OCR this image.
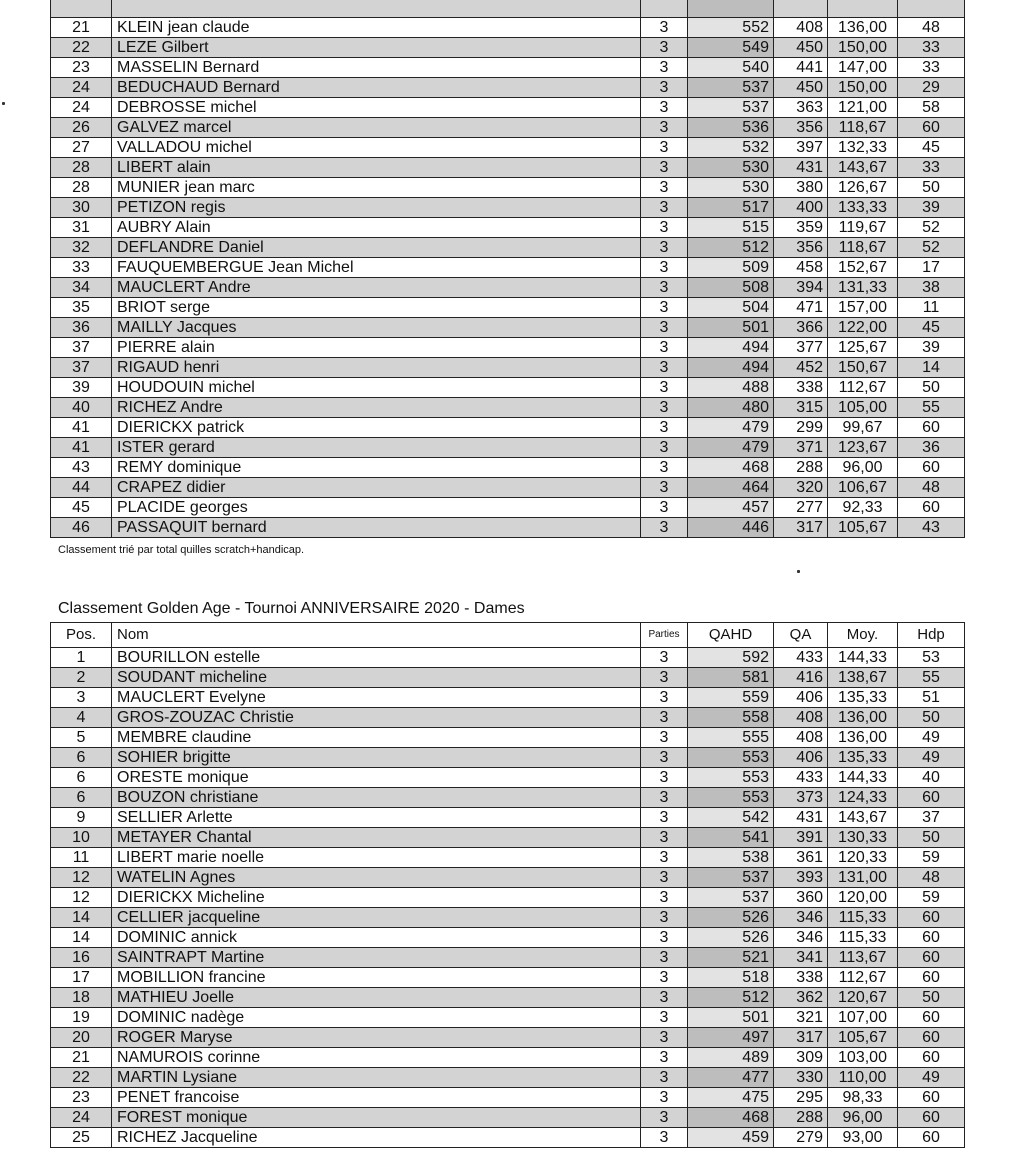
21	KLEIN jean claude	3	552	408	136,00	48
22	LEZE Gilbert	3	549	450	150,00	33
23	MASSELIN Bernard	3	540	441	147,00	33
24	BEDUCHAUD Bernard	3	537	450	150,00	29
24	DEBROSSE michel	3	537	363	121,00	58
26	GALVEZ marcel	3	536	356	118,67	60
27	VALLADOU michel	3	532	397	132,33	45
28	LIBERT alain	3	530	431	143,67	33
28	MUNIER jean marc	3	530	380	126,67	50
30	PETIZON regis	3	517	400	133,33	39
31	AUBRY Alain	3	515	359	119,67	52
32	DEFLANDRE Daniel	3	512	356	118,67	52
33	FAUQUEMBERGUE Jean Michel	3	509	458	152,67	17
34	MAUCLERT Andre	3	508	394	131,33	38
35	BRIOT serge	3	504	471	157,00	11
36	MAILLY Jacques	3	501	366	122,00	45
37	PIERRE alain	3	494	377	125,67	39
37	RIGAUD henri	3	494	452	150,67	14
39	HOUDOUIN michel	3	488	338	112,67	50
40	RICHEZ Andre	3	480	315	105,00	55
41	DIERICKX patrick	3	479	299	99,67	60
41	ISTER gerard	3	479	371	123,67	36
43	REMY dominique	3	468	288	96,00	60
44	CRAPEZ didier	3	464	320	106,67	48
45	PLACIDE georges	3	457	277	92,33	60
46	PASSAQUIT bernard	3	446	317	105,67	43
Classement trié par total quilles scratch+handicap.
Classement Golden Age - Tournoi ANNIVERSAIRE 2020 - Dames
Pos.	Nom	Parties	QAHD	QA	Moy.	Hdp
1	BOURILLON estelle	3	592	433	144,33	53
2	SOUDANT micheline	3	581	416	138,67	55
3	MAUCLERT Evelyne	3	559	406	135,33	51
4	GROS-ZOUZAC Christie	3	558	408	136,00	50
5	MEMBRE claudine	3	555	408	136,00	49
6	SOHIER brigitte	3	553	406	135,33	49
6	ORESTE monique	3	553	433	144,33	40
6	BOUZON christiane	3	553	373	124,33	60
9	SELLIER Arlette	3	542	431	143,67	37
10	METAYER Chantal	3	541	391	130,33	50
11	LIBERT marie noelle	3	538	361	120,33	59
12	WATELIN Agnes	3	537	393	131,00	48
12	DIERICKX Micheline	3	537	360	120,00	59
14	CELLIER jacqueline	3	526	346	115,33	60
14	DOMINIC annick	3	526	346	115,33	60
16	SAINTRAPT Martine	3	521	341	113,67	60
17	MOBILLION francine	3	518	338	112,67	60
18	MATHIEU Joelle	3	512	362	120,67	50
19	DOMINIC nadège	3	501	321	107,00	60
20	ROGER Maryse	3	497	317	105,67	60
21	NAMUROIS corinne	3	489	309	103,00	60
22	MARTIN Lysiane	3	477	330	110,00	49
23	PENET francoise	3	475	295	98,33	60
24	FOREST monique	3	468	288	96,00	60
25	RICHEZ Jacqueline	3	459	279	93,00	60
